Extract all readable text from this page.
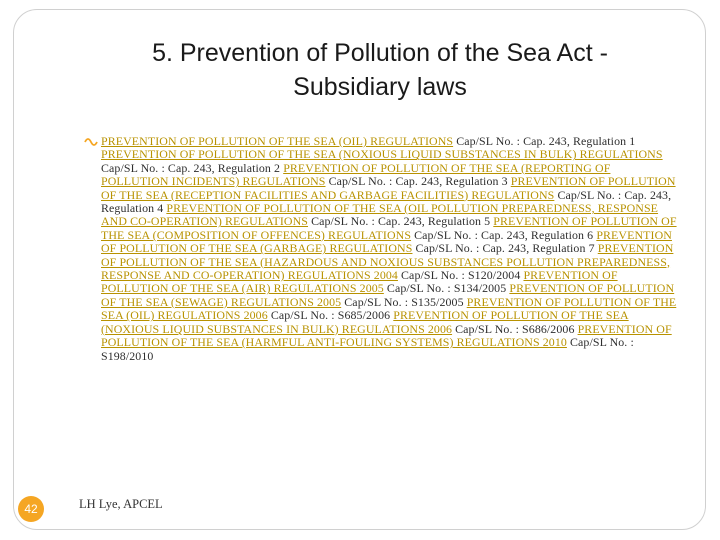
5. Prevention of Pollution of the Sea Act -
Subsidiary laws
PREVENTION OF POLLUTION OF THE SEA (OIL) REGULATIONS Cap/SL No. : Cap. 243, Regulation 1 PREVENTION OF POLLUTION OF THE SEA (NOXIOUS LIQUID SUBSTANCES IN BULK) REGULATIONS Cap/SL No. : Cap. 243, Regulation 2 PREVENTION OF POLLUTION OF THE SEA (REPORTING OF POLLUTION INCIDENTS) REGULATIONS Cap/SL No. : Cap. 243, Regulation 3 PREVENTION OF POLLUTION OF THE SEA (RECEPTION FACILITIES AND GARBAGE FACILITIES) REGULATIONS Cap/SL No. : Cap. 243, Regulation 4 PREVENTION OF POLLUTION OF THE SEA (OIL POLLUTION PREPAREDNESS, RESPONSE AND CO-OPERATION) REGULATIONS Cap/SL No. : Cap. 243, Regulation 5 PREVENTION OF POLLUTION OF THE SEA (COMPOSITION OF OFFENCES) REGULATIONS Cap/SL No. : Cap. 243, Regulation 6 PREVENTION OF POLLUTION OF THE SEA (GARBAGE) REGULATIONS Cap/SL No. : Cap. 243, Regulation 7 PREVENTION OF POLLUTION OF THE SEA (HAZARDOUS AND NOXIOUS SUBSTANCES POLLUTION PREPAREDNESS, RESPONSE AND CO-OPERATION) REGULATIONS 2004 Cap/SL No. : S120/2004 PREVENTION OF POLLUTION OF THE SEA (AIR) REGULATIONS 2005 Cap/SL No. : S134/2005 PREVENTION OF POLLUTION OF THE SEA (SEWAGE) REGULATIONS 2005 Cap/SL No. : S135/2005 PREVENTION OF POLLUTION OF THE SEA (OIL) REGULATIONS 2006 Cap/SL No. : S685/2006 PREVENTION OF POLLUTION OF THE SEA (NOXIOUS LIQUID SUBSTANCES IN BULK) REGULATIONS 2006 Cap/SL No. : S686/2006 PREVENTION OF POLLUTION OF THE SEA (HARMFUL ANTI-FOULING SYSTEMS) REGULATIONS 2010 Cap/SL No. : S198/2010
42	LH Lye, APCEL
